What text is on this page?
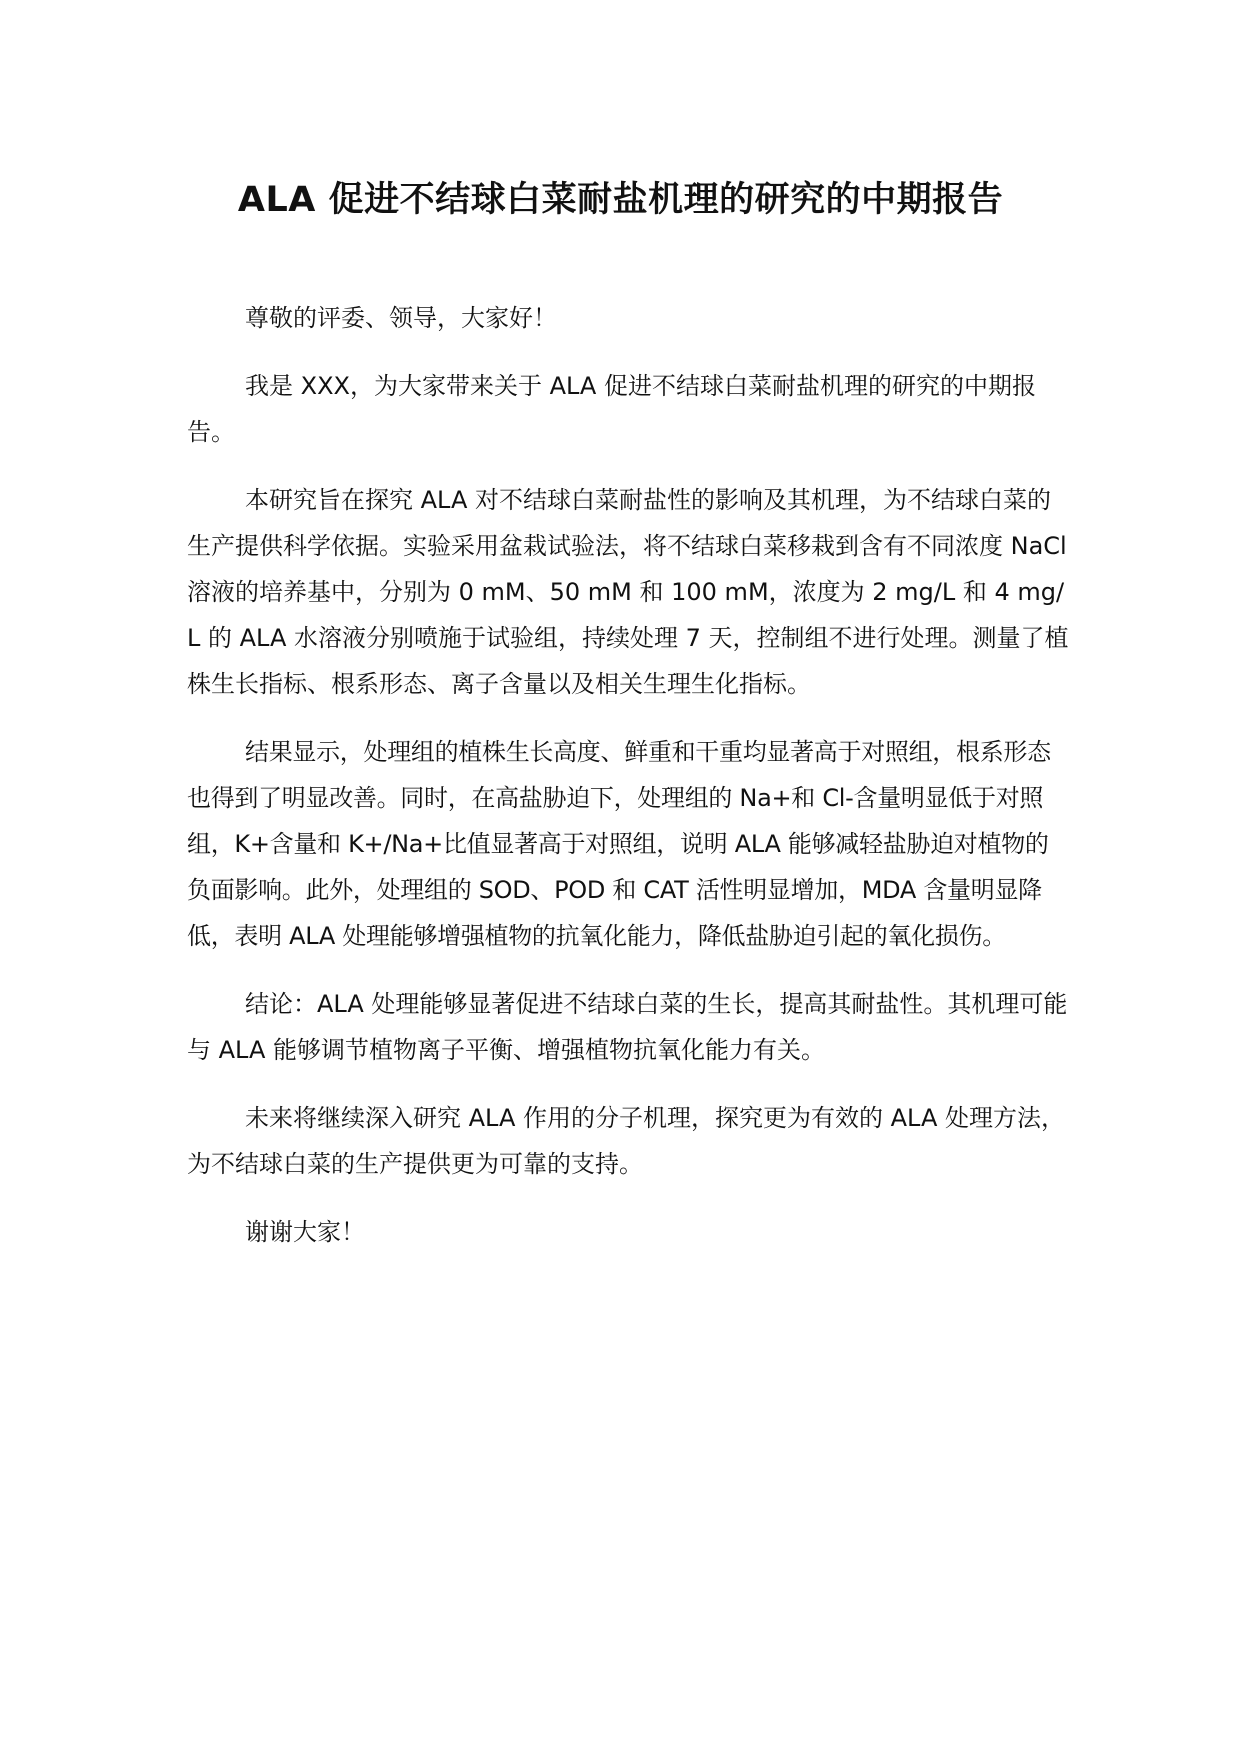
ALA 促进不结球白菜耐盐机理的研究的中期报告

尊敬的评委、领导，大家好！

我是 XXX，为大家带来关于 ALA 促进不结球白菜耐盐机理的研究的中期报告。

本研究旨在探究 ALA 对不结球白菜耐盐性的影响及其机理，为不结球白菜的生产提供科学依据。实验采用盆栽试验法，将不结球白菜移栽到含有不同浓度 NaCl 溶液的培养基中，分别为 0 mM、50 mM 和 100 mM，浓度为 2 mg/L 和 4 mg/L 的 ALA 水溶液分别喷施于试验组，持续处理 7 天，控制组不进行处理。测量了植株生长指标、根系形态、离子含量以及相关生理生化指标。

结果显示，处理组的植株生长高度、鲜重和干重均显著高于对照组，根系形态也得到了明显改善。同时，在高盐胁迫下，处理组的 Na+和 Cl-含量明显低于对照组，K+含量和 K+/Na+比值显著高于对照组，说明 ALA 能够减轻盐胁迫对植物的负面影响。此外，处理组的 SOD、POD 和 CAT 活性明显增加，MDA 含量明显降低，表明 ALA 处理能够增强植物的抗氧化能力，降低盐胁迫引起的氧化损伤。

结论：ALA 处理能够显著促进不结球白菜的生长，提高其耐盐性。其机理可能与 ALA 能够调节植物离子平衡、增强植物抗氧化能力有关。

未来将继续深入研究 ALA 作用的分子机理，探究更为有效的 ALA 处理方法，为不结球白菜的生产提供更为可靠的支持。

谢谢大家！
